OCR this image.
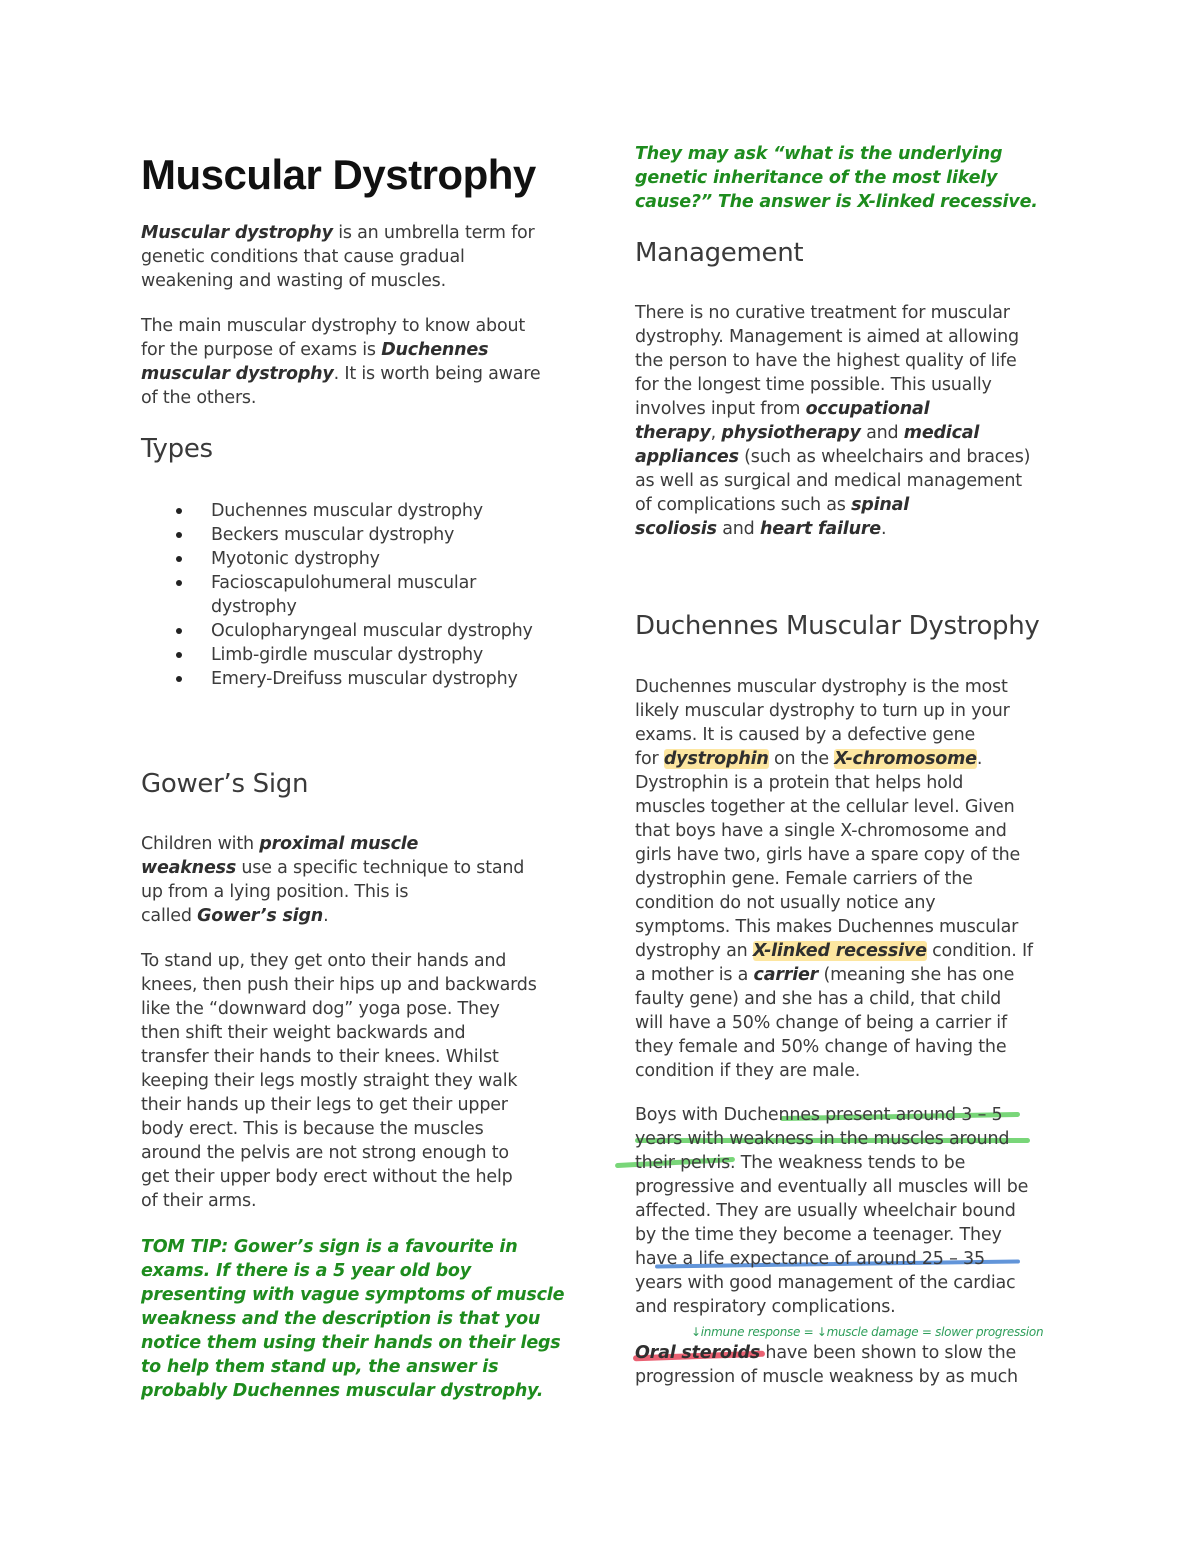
Muscular Dystrophy
Muscular dystrophy is an umbrella term for
genetic conditions that cause gradual
weakening and wasting of muscles.
The main muscular dystrophy to know about
for the purpose of exams is Duchennes
muscular dystrophy. It is worth being aware
of the others.
Types
Duchennes muscular dystrophy
Beckers muscular dystrophy
Myotonic dystrophy
Facioscapulohumeral muscular
dystrophy
Oculopharyngeal muscular dystrophy
Limb-girdle muscular dystrophy
Emery-Dreifuss muscular dystrophy
Gower’s Sign
Children with proximal muscle
weakness use a specific technique to stand
up from a lying position. This is
called Gower’s sign.
To stand up, they get onto their hands and
knees, then push their hips up and backwards
like the “downward dog” yoga pose. They
then shift their weight backwards and
transfer their hands to their knees. Whilst
keeping their legs mostly straight they walk
their hands up their legs to get their upper
body erect. This is because the muscles
around the pelvis are not strong enough to
get their upper body erect without the help
of their arms.
TOM TIP: Gower’s sign is a favourite in
exams. If there is a 5 year old boy
presenting with vague symptoms of muscle
weakness and the description is that you
notice them using their hands on their legs
to help them stand up, the answer is
probably Duchennes muscular dystrophy.
They may ask “what is the underlying
genetic inheritance of the most likely
cause?” The answer is X-linked recessive.
Management
There is no curative treatment for muscular
dystrophy. Management is aimed at allowing
the person to have the highest quality of life
for the longest time possible. This usually
involves input from occupational
therapy, physiotherapy and medical
appliances (such as wheelchairs and braces)
as well as surgical and medical management
of complications such as spinal
scoliosis and heart failure.
Duchennes Muscular Dystrophy
Duchennes muscular dystrophy is the most
likely muscular dystrophy to turn up in your
exams. It is caused by a defective gene
for dystrophin on the X-chromosome.
Dystrophin is a protein that helps hold
muscles together at the cellular level. Given
that boys have a single X-chromosome and
girls have two, girls have a spare copy of the
dystrophin gene. Female carriers of the
condition do not usually notice any
symptoms. This makes Duchennes muscular
dystrophy an X-linked recessive condition. If
a mother is a carrier (meaning she has one
faulty gene) and she has a child, that child
will have a 50% change of being a carrier if
they female and 50% change of having the
condition if they are male.
Boys with Duchennes present around 3 – 5
years with weakness in the muscles around
their pelvis. The weakness tends to be
progressive and eventually all muscles will be
affected. They are usually wheelchair bound
by the time they become a teenager. They
have a life expectance of around 25 – 35
years with good management of the cardiac
and respiratory complications.
↓inmune response = ↓muscle damage = slower progression
Oral steroids have been shown to slow the
progression of muscle weakness by as much
